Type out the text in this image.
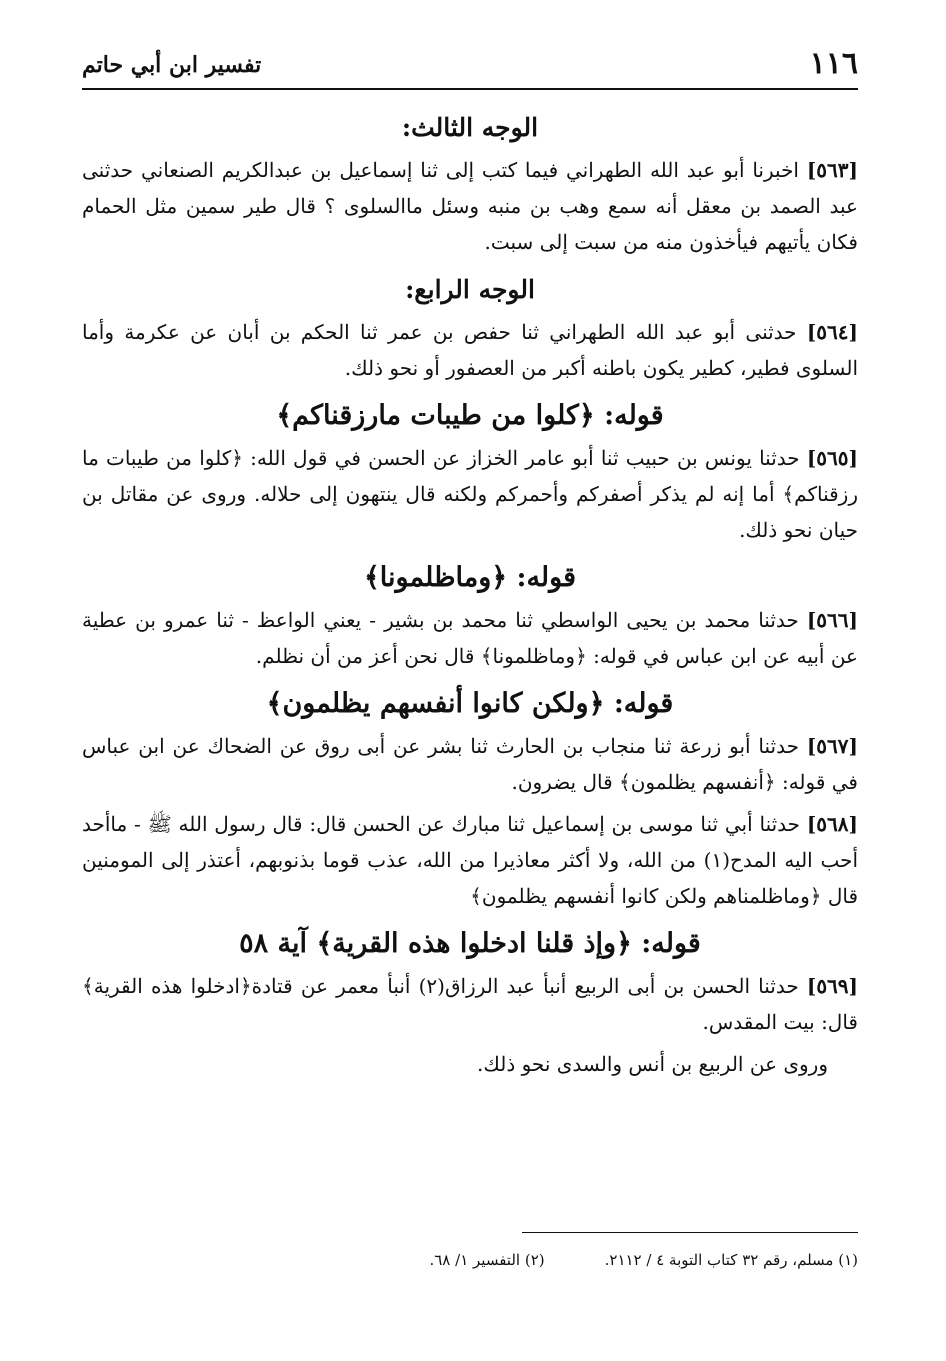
١١٦
تفسير ابن أبي حاتم
الوجه الثالث:

[٥٦٣] اخبرنا أبو عبد الله الطهراني فيما كتب إلى ثنا إسماعيل بن عبدالكريم الصنعاني حدثنى عبد الصمد بن معقل أنه سمع وهب بن منبه وسئل ماالسلوى ؟ قال طير سمين مثل الحمام فكان يأتيهم فيأخذون منه من سبت إلى سبت.

الوجه الرابع:

[٥٦٤] حدثنى أبو عبد الله الطهراني ثنا حفص بن عمر ثنا الحكم بن أبان عن عكرمة وأما السلوى فطير، كطير يكون باطنه أكبر من العصفور أو نحو ذلك.

قوله: ﴿كلوا من طيبات مارزقناكم﴾

[٥٦٥] حدثنا يونس بن حبيب ثنا أبو عامر الخزاز عن الحسن في قول الله: ﴿كلوا من طيبات ما رزقناكم﴾ أما إنه لم يذكر أصفركم وأحمركم ولكنه قال ينتهون إلى حلاله. وروى عن مقاتل بن حيان نحو ذلك.

قوله: ﴿وماظلمونا﴾

[٥٦٦] حدثنا محمد بن يحيى الواسطي ثنا محمد بن بشير - يعني الواعظ - ثنا عمرو بن عطية عن أبيه عن ابن عباس في قوله: ﴿وماظلمونا﴾ قال نحن أعز من أن نظلم.

قوله: ﴿ولكن كانوا أنفسهم يظلمون﴾

[٥٦٧] حدثنا أبو زرعة ثنا منجاب بن الحارث ثنا بشر عن أبى روق عن الضحاك عن ابن عباس في قوله: ﴿أنفسهم يظلمون﴾ قال يضرون.

[٥٦٨] حدثنا أبي ثنا موسى بن إسماعيل ثنا مبارك عن الحسن قال: قال رسول الله ﷺ - ماأحد أحب اليه المدح(١) من الله، ولا أكثر معاذيرا من الله، عذب قوما بذنوبهم، أعتذر إلى المومنين قال ﴿وماظلمناهم ولكن كانوا أنفسهم يظلمون﴾

قوله: ﴿وإذ قلنا ادخلوا هذه القرية﴾ آية ٥٨

[٥٦٩] حدثنا الحسن بن أبى الربيع أنبأ عبد الرزاق(٢) أنبأ معمر عن قتادة﴿ادخلوا هذه القرية﴾ قال: بيت المقدس.

وروى عن الربيع بن أنس والسدى نحو ذلك.

(١) مسلم، رقم ٣٢ كتاب التوبة ٤ / ٢١١٢.
(٢) التفسير ١/ ٦٨.
